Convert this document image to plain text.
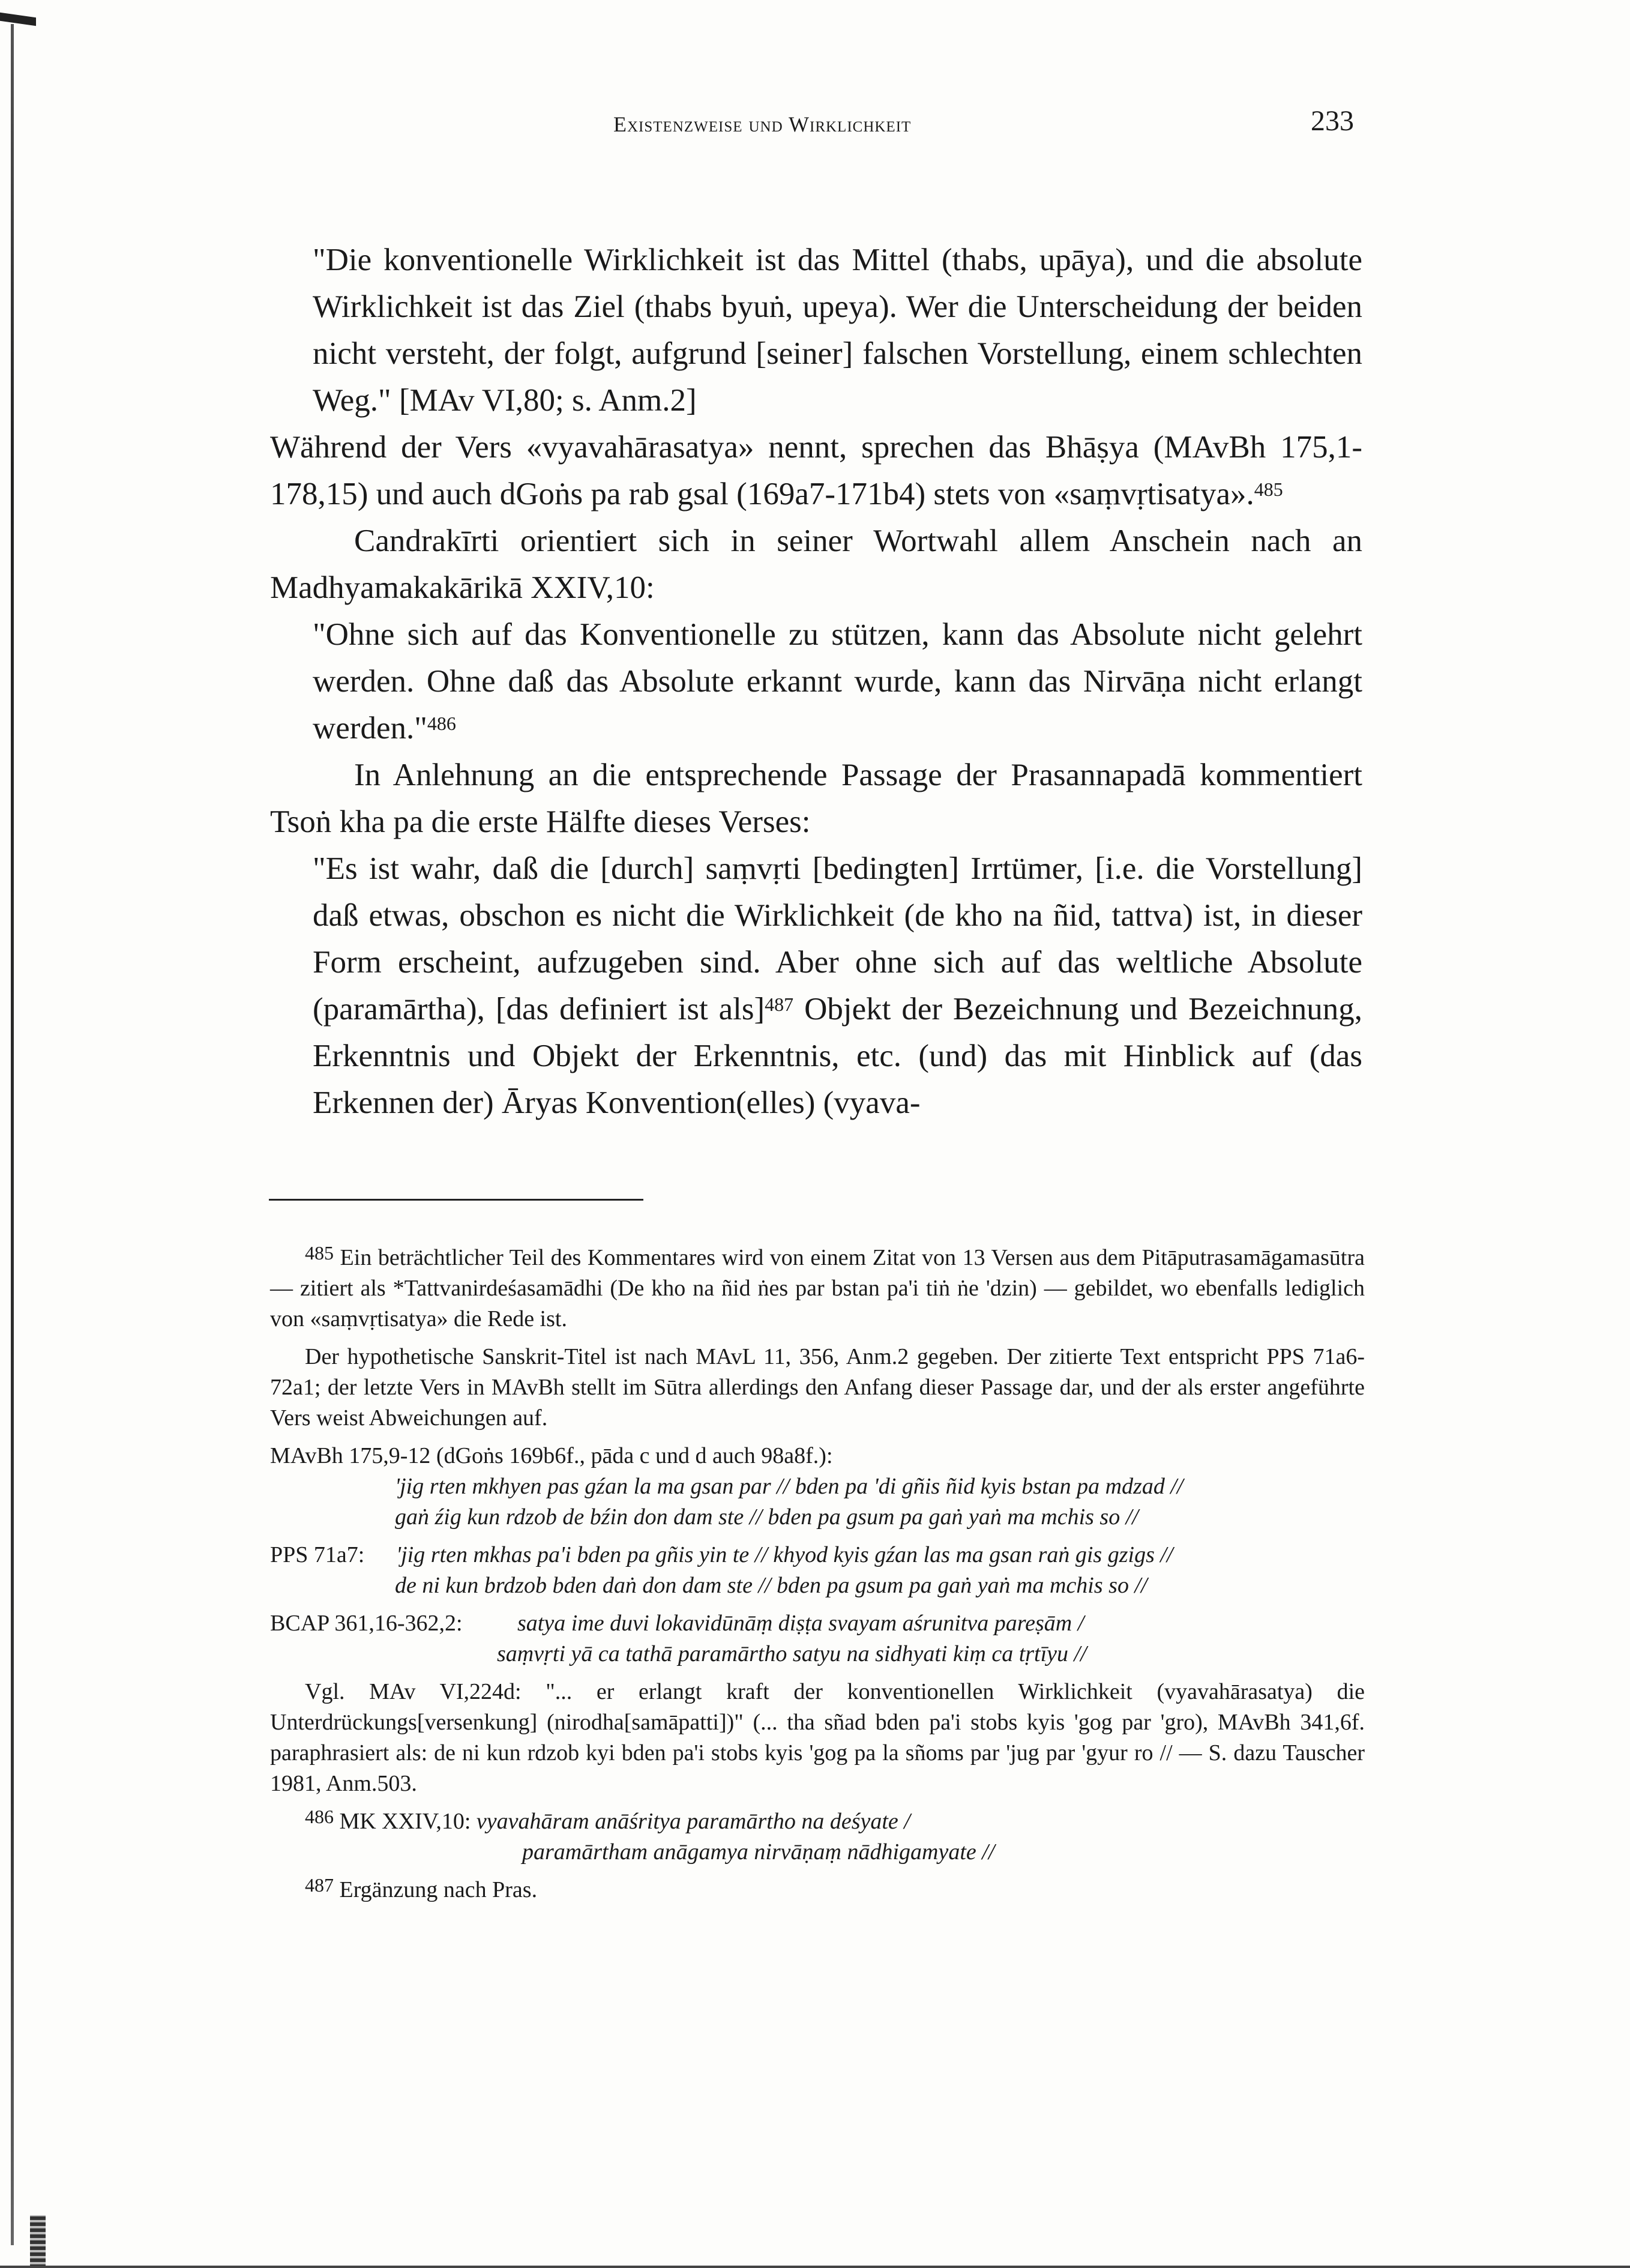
Existenzweise und Wirklichkeit	233

"Die konventionelle Wirklichkeit ist das Mittel (thabs, upāya), und die absolute Wirklichkeit ist das Ziel (thabs byuṅ, upeya). Wer die Unterscheidung der beiden nicht versteht, der folgt, aufgrund [seiner] falschen Vorstellung, einem schlechten Weg." [MAv VI,80; s. Anm.2]

Während der Vers «vyavahārasatya» nennt, sprechen das Bhāṣya (MAvBh 175,1-178,15) und auch dGoṅs pa rab gsal (169a7-171b4) stets von «saṃvṛtisatya».$^{485}$

Candrakīrti orientiert sich in seiner Wortwahl allem Anschein nach an Madhyamakakārikā XXIV,10:

"Ohne sich auf das Konventionelle zu stützen, kann das Absolute nicht gelehrt werden. Ohne daß das Absolute erkannt wurde, kann das Nirvāṇa nicht erlangt werden."$^{486}$

In Anlehnung an die entsprechende Passage der Prasannapadā kommentiert Tsoṅ kha pa die erste Hälfte dieses Verses:

"Es ist wahr, daß die [durch] saṃvṛti [bedingten] Irrtümer, [i.e. die Vorstellung] daß etwas, obschon es nicht die Wirklichkeit (de kho na ñid, tattva) ist, in dieser Form erscheint, aufzugeben sind. Aber ohne sich auf das weltliche Absolute (paramārtha), [das definiert ist als]$^{487}$ Objekt der Bezeichnung und Bezeichnung, Erkenntnis und Objekt der Erkenntnis, etc. (und) das mit Hinblick auf (das Erkennen der) Āryas Konvention(elles) (vyava-

$^{485}$ Ein beträchtlicher Teil des Kommentares wird von einem Zitat von 13 Versen aus dem Pitāputrasamāgamasūtra — zitiert als *Tattvanirdeśasamādhi (De kho na ñid ṅes par bstan pa'i tiṅ ṅe 'dzin) — gebildet, wo ebenfalls lediglich von «saṃvṛtisatya» die Rede ist.

Der hypothetische Sanskrit-Titel ist nach MAvL 11, 356, Anm.2 gegeben. Der zitierte Text entspricht PPS 71a6-72a1; der letzte Vers in MAvBh stellt im Sūtra allerdings den Anfang dieser Passage dar, und der als erster angeführte Vers weist Abweichungen auf.

MAvBh 175,9-12 (dGoṅs 169b6f., pāda c und d auch 98a8f.):

'jig rten mkhyen pas gźan la ma gsan par // bden pa 'di gñis ñid kyis bstan pa mdzad //

gaṅ źig kun rdzob de bźin don dam ste // bden pa gsum pa gaṅ yaṅ ma mchis so //

PPS 71a7: 'jig rten mkhas pa'i bden pa gñis yin te // khyod kyis gźan las ma gsan raṅ gis gzigs //

de ni kun brdzob bden daṅ don dam ste // bden pa gsum pa gaṅ yaṅ ma mchis so //

BCAP 361,16-362,2: satya ime duvi lokavidūnāṃ diṣṭa svayam aśrunitva pareṣām /

saṃvṛti yā ca tathā paramārtho satyu na sidhyati kiṃ ca tṛtīyu //

Vgl. MAv VI,224d: "... er erlangt kraft der konventionellen Wirklichkeit (vyavahārasatya) die Unterdrückungs[versenkung] (nirodha[samāpatti])" (... tha sñad bden pa'i stobs kyis 'gog par 'gro), MAvBh 341,6f. paraphrasiert als: de ni kun rdzob kyi bden pa'i stobs kyis 'gog pa la sñoms par 'jug par 'gyur ro // — S. dazu Tauscher 1981, Anm.503.

$^{486}$ MK XXIV,10: vyavahāram anāśritya paramārtho na deśyate /

paramārtham anāgamya nirvāṇaṃ nādhigamyate //

$^{487}$ Ergänzung nach Pras.
